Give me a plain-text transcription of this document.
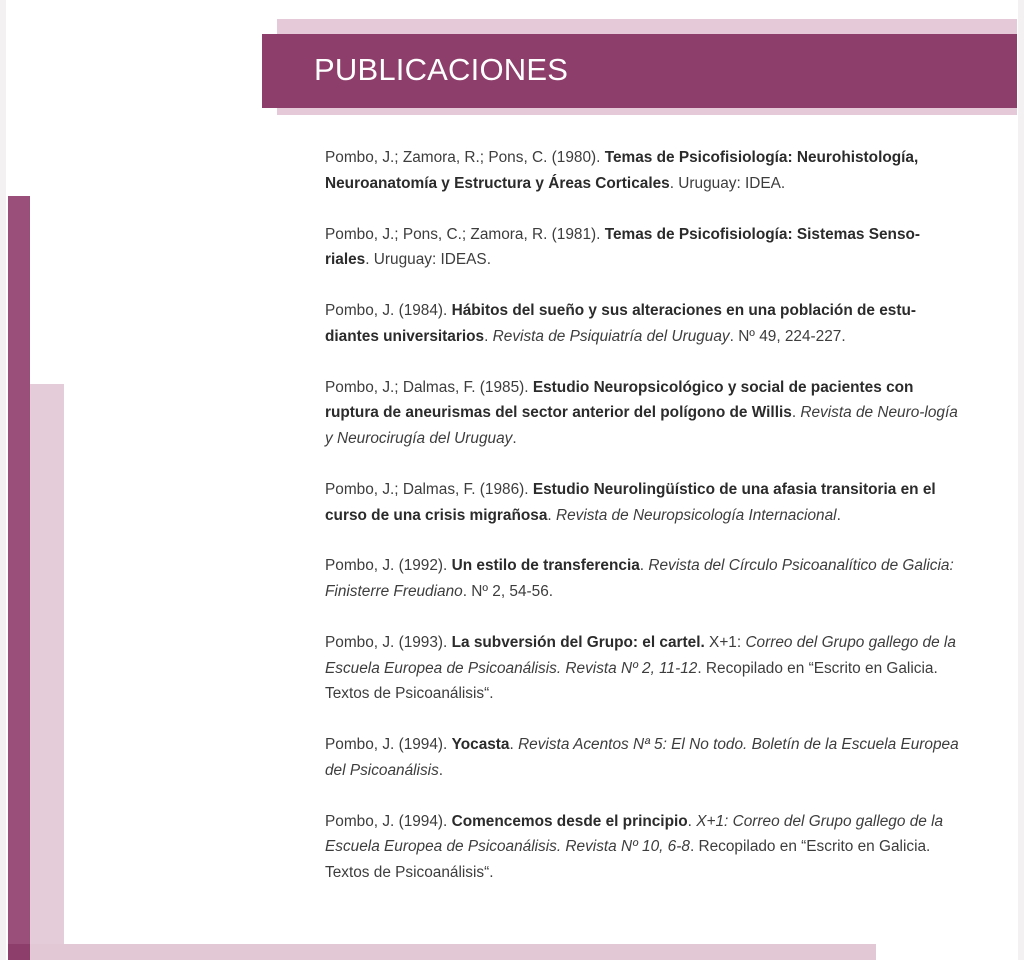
PUBLICACIONES
Pombo, J.; Zamora, R.; Pons, C. (1980). Temas de Psicofisiología: Neurohistología, Neuroanatomía y Estructura y Áreas Corticales. Uruguay: IDEA.
Pombo, J.; Pons, C.; Zamora, R. (1981). Temas de Psicofisiología: Sistemas Senso-riales. Uruguay: IDEAS.
Pombo, J. (1984). Hábitos del sueño y sus alteraciones en una población de estu-diantes universitarios. Revista de Psiquiatría del Uruguay. Nº 49, 224-227.
Pombo, J.; Dalmas, F. (1985). Estudio Neuropsicológico y social de pacientes con ruptura de aneurismas del sector anterior del polígono de Willis. Revista de Neuro-logía y Neurocirugía del Uruguay.
Pombo, J.; Dalmas, F. (1986). Estudio Neurolingüístico de una afasia transitoria en el curso de una crisis migrañosa. Revista de Neuropsicología Internacional.
Pombo, J. (1992). Un estilo de transferencia. Revista del Círculo Psicoanalítico de Galicia: Finisterre Freudiano. Nº 2, 54-56.
Pombo, J. (1993). La subversión del Grupo: el cartel. X+1: Correo del Grupo gallego de la Escuela Europea de Psicoanálisis. Revista Nº 2, 11-12. Recopilado en “Escrito en Galicia. Textos de Psicoanálisis“.
Pombo, J. (1994). Yocasta. Revista Acentos Nª 5: El No todo. Boletín de la Escuela Europea del Psicoanálisis.
Pombo, J. (1994). Comencemos desde el principio. X+1: Correo del Grupo gallego de la Escuela Europea de Psicoanálisis. Revista Nº 10, 6-8. Recopilado en “Escrito en Galicia. Textos de Psicoanálisis“.
